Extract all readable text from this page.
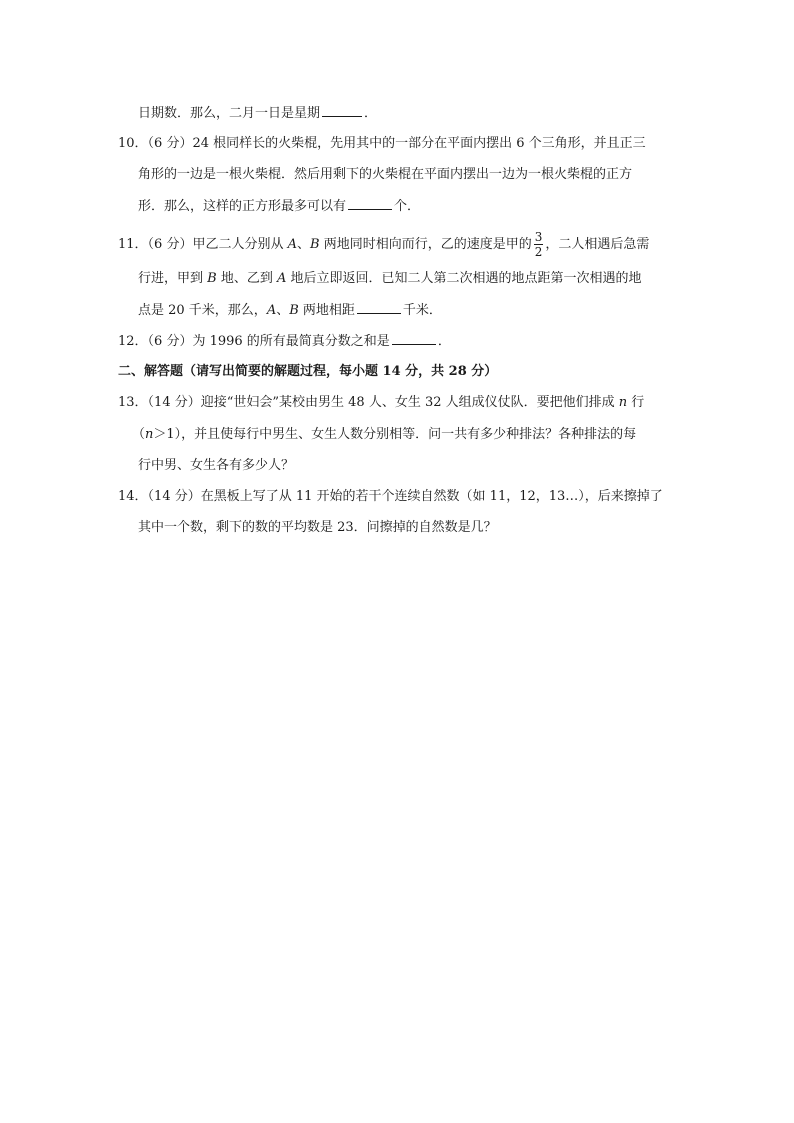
日期数．那么，二月一日是星期	．
10．（6 分）24 根同样长的火柴棍，先用其中的一部分在平面内摆出 6 个三角形，并且正三
角形的一边是一根火柴棍．然后用剩下的火柴棍在平面内摆出一边为一根火柴棍的正方
形．那么，这样的正方形最多可以有	个．
11．（6 分）甲乙二人分别从 A、B 两地同时相向而行，乙的速度是甲的 $\frac{3}{2}$ ，二人相遇后急需
行进，甲到 B 地、乙到 A 地后立即返回．已知二人第二次相遇的地点距第一次相遇的地
点是 20 千米，那么，A、B 两地相距	千米．
12．（6 分）为 1996 的所有最简真分数之和是	．
二、解答题（请写出简要的解题过程，每小题 14 分，共 28 分）
13．（14 分）迎接“世妇会”某校由男生 48 人、女生 32 人组成仪仗队．要把他们排成 n 行
（n＞1），并且使每行中男生、女生人数分别相等．问一共有多少种排法？各种排法的每
行中男、女生各有多少人？
14．（14 分）在黑板上写了从 11 开始的若干个连续自然数（如 11，12，13…），后来擦掉了
其中一个数，剩下的数的平均数是 23．问擦掉的自然数是几？
